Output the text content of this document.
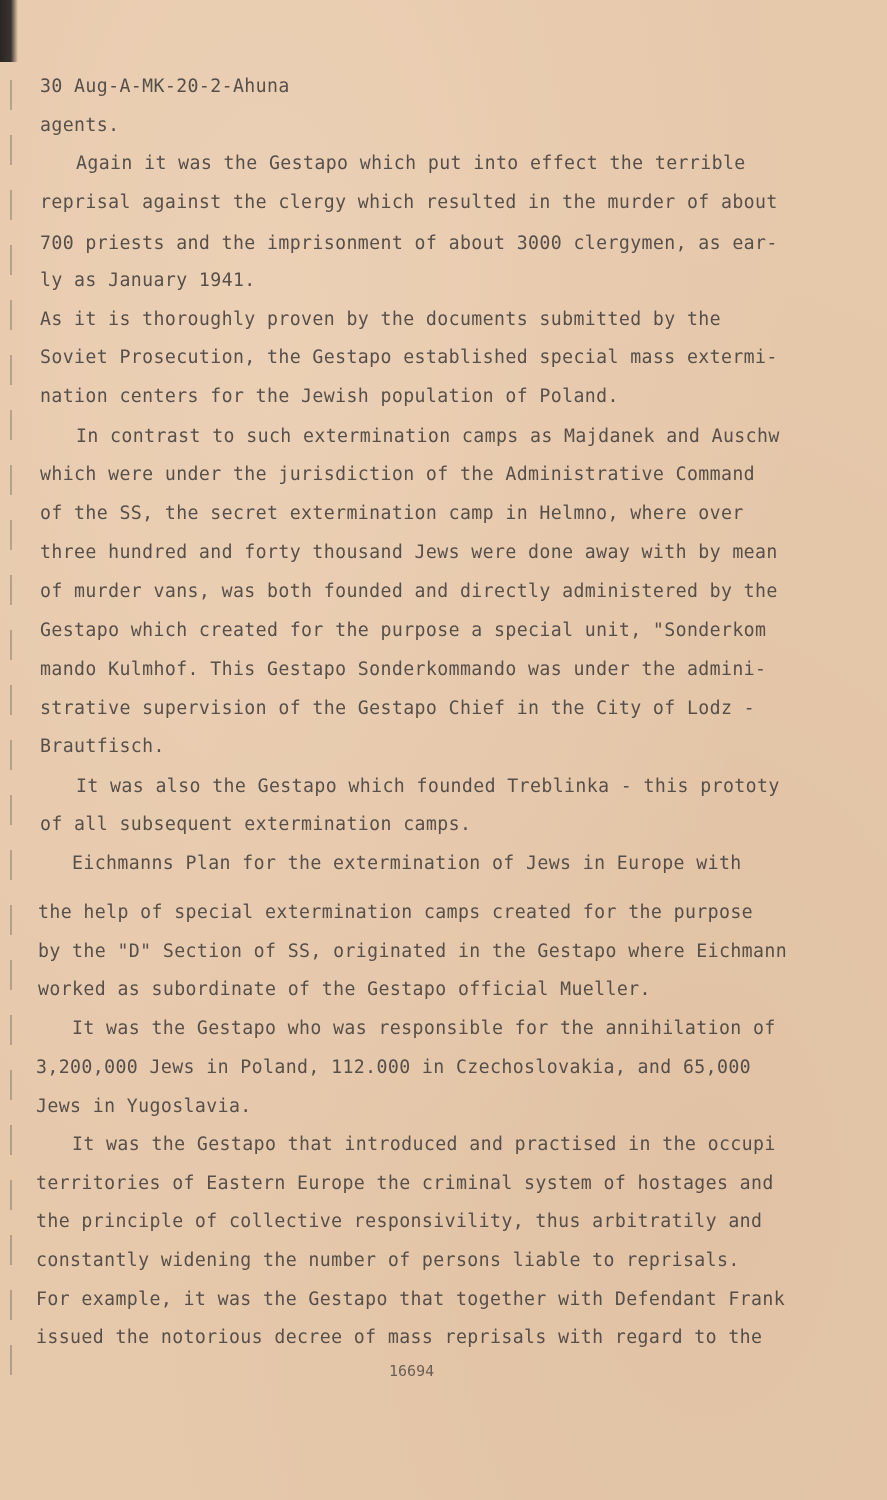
30 Aug-A-MK-20-2-Ahuna
agents.
Again it was the Gestapo which put into effect the terrible
reprisal against the clergy which resulted in the murder of about
700 priests and the imprisonment of about 3000 clergymen, as ear-
ly as January 1941.
As it is thoroughly proven by the documents submitted by the
Soviet Prosecution, the Gestapo established special mass extermi-
nation centers for the Jewish population of Poland.
In contrast to such extermination camps as Majdanek and Auschw
which were under the jurisdiction of the Administrative Command
of the SS, the secret extermination camp in Helmno, where over
three hundred and forty thousand Jews were done away with by mean
of murder vans, was both founded and directly administered by the
Gestapo which created for the purpose a special unit, "Sonderkom
mando Kulmhof. This Gestapo Sonderkommando was under the admini-
strative supervision of the Gestapo Chief in the City of Lodz -
Brautfisch.
It was also the Gestapo which founded Treblinka - this prototy
of all subsequent extermination camps.
Eichmanns Plan for the extermination of Jews in Europe with
the help of special extermination camps created for the purpose
by the "D" Section of SS, originated in the Gestapo where Eichmann
worked as subordinate of the Gestapo official Mueller.
It was the Gestapo who was responsible for the annihilation of
3,200,000 Jews in Poland, 112.000 in Czechoslovakia, and 65,000
Jews in Yugoslavia.
It was the Gestapo that introduced and practised in the occupi
territories of Eastern Europe the criminal system of hostages and
the principle of collective responsivility, thus arbitratily and
constantly widening the number of persons liable to reprisals.
For example, it was the Gestapo that together with Defendant Frank
issued the notorious decree of mass reprisals with regard to the
16694
